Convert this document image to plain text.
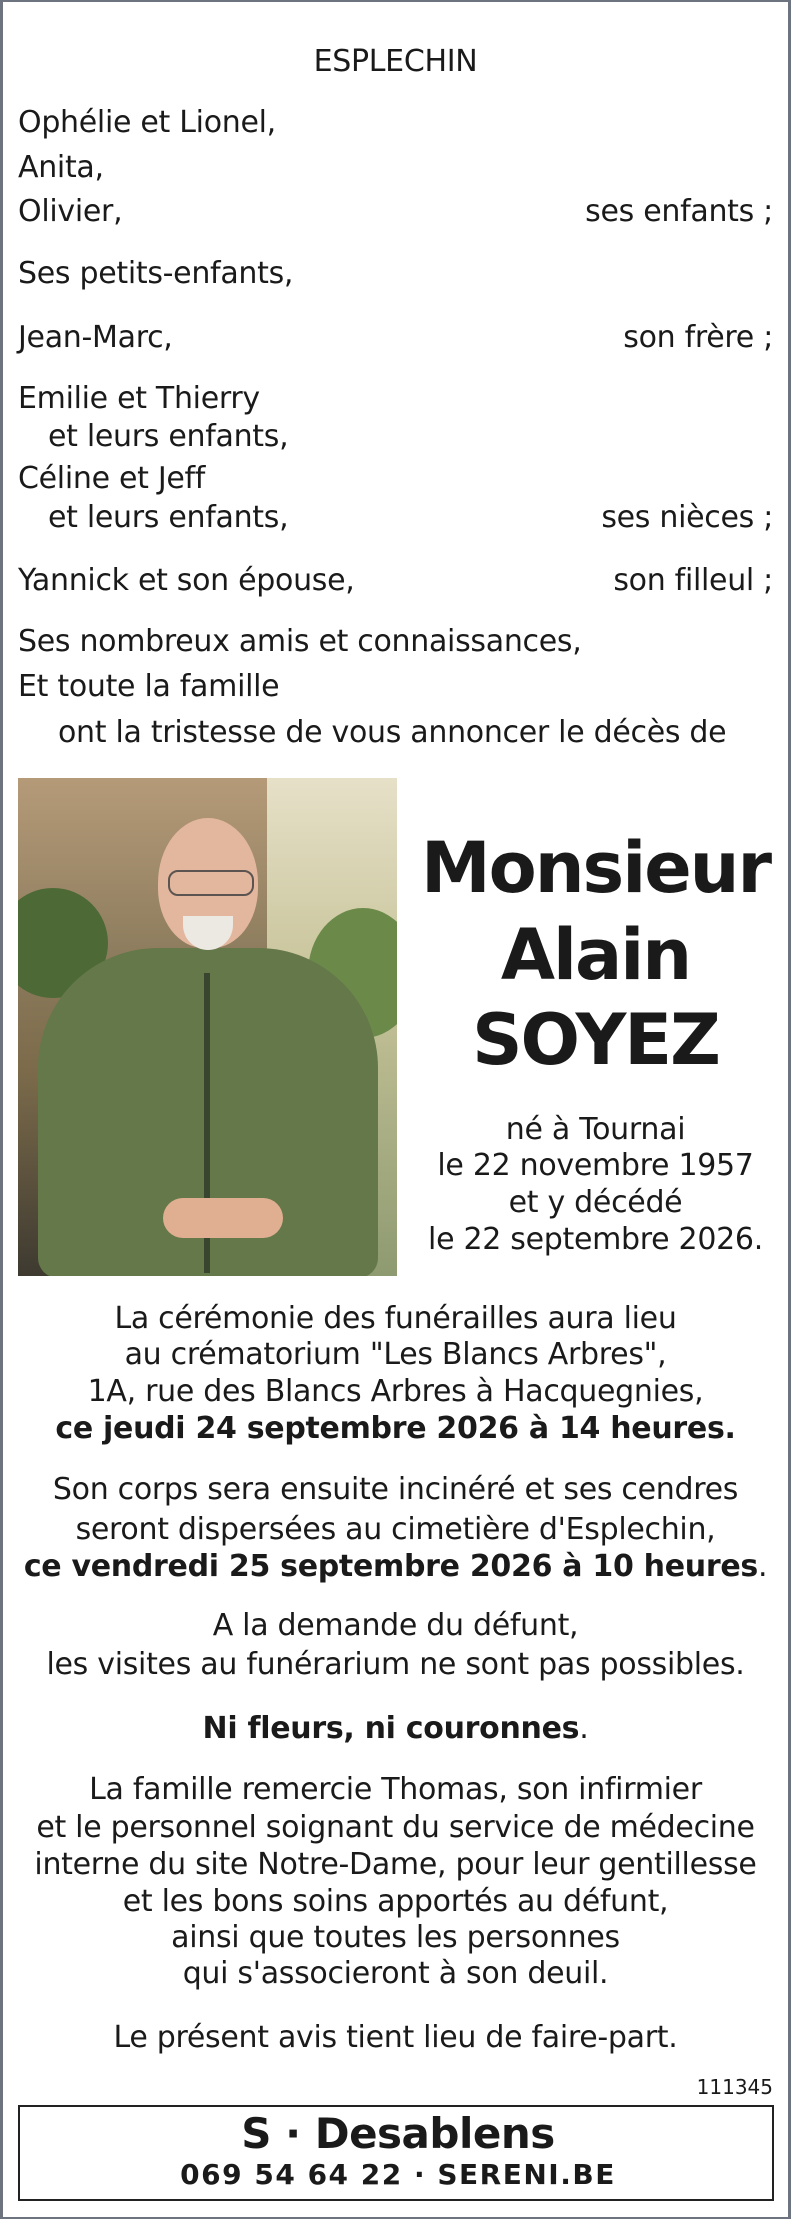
ESPLECHIN
Ophélie et Lionel,
Anita,
Olivier,	ses enfants ;
Ses petits-enfants,
Jean-Marc,	son frère ;
Emilie et Thierry
et leurs enfants,
Céline et Jeff
et leurs enfants,	ses nièces ;
Yannick et son épouse,	son filleul ;
Ses nombreux amis et connaissances,
Et toute la famille
ont la tristesse de vous annoncer le décès de
Monsieur
Alain
SOYEZ
né à Tournai
le 22 novembre 1957
et y décédé
le 22 septembre 2026.
La cérémonie des funérailles aura lieu
au crématorium "Les Blancs Arbres",
1A, rue des Blancs Arbres à Hacquegnies,
ce jeudi 24 septembre 2026 à 14 heures.
Son corps sera ensuite incinéré et ses cendres
seront dispersées au cimetière d'Esplechin,
ce vendredi 25 septembre 2026 à 10 heures.
A la demande du défunt,
les visites au funérarium ne sont pas possibles.
Ni fleurs, ni couronnes.
La famille remercie Thomas, son infirmier
et le personnel soignant du service de médecine
interne du site Notre-Dame, pour leur gentillesse
et les bons soins apportés au défunt,
ainsi que toutes les personnes
qui s'associeront à son deuil.
Le présent avis tient lieu de faire-part.
111345
S · Desablens
069 54 64 22 · SERENI.BE
